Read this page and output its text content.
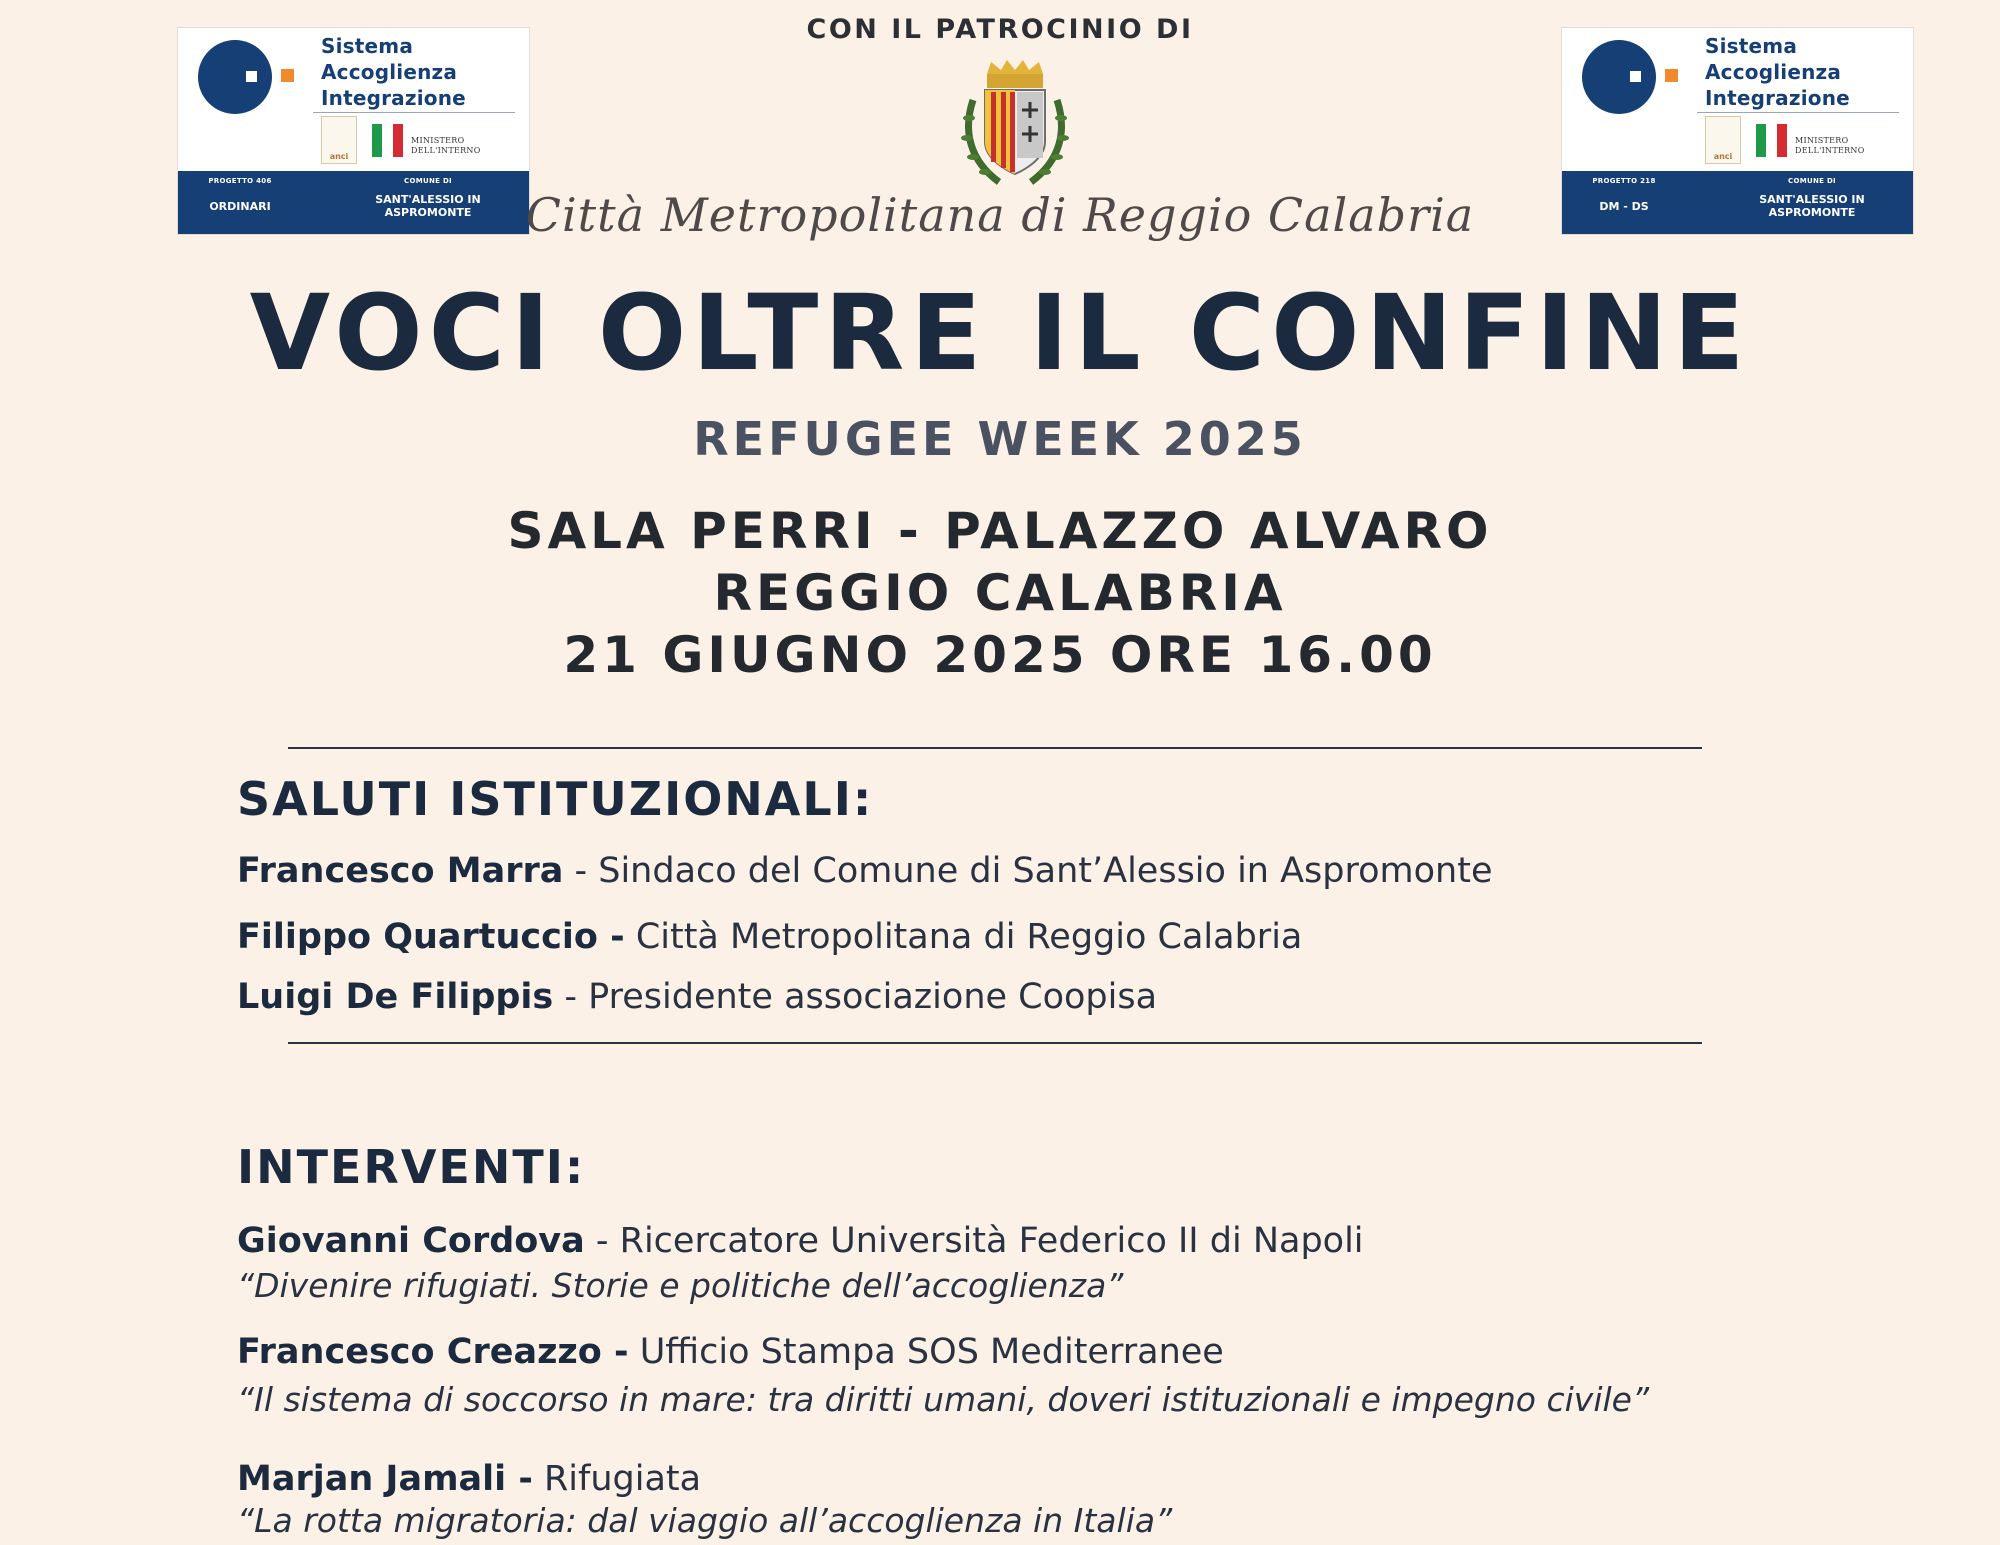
Sistema
Accoglienza
Integrazione
anci
MINISTERO
DELL'INTERNO
PROGETTO 406
ORDINARI
COMUNE DI
SANT'ALESSIO IN
ASPROMONTE
Sistema
Accoglienza
Integrazione
anci
MINISTERO
DELL'INTERNO
PROGETTO 218
DM - DS
COMUNE DI
SANT'ALESSIO IN
ASPROMONTE
CON IL PATROCINIO DI
Città Metropolitana di Reggio Calabria
VOCI OLTRE IL CONFINE
REFUGEE WEEK 2025
SALA PERRI - PALAZZO ALVARO
REGGIO CALABRIA
21 GIUGNO 2025 ORE 16.00
SALUTI ISTITUZIONALI:
Francesco Marra - Sindaco del Comune di Sant’Alessio in Aspromonte
Filippo Quartuccio - Città Metropolitana di Reggio Calabria
Luigi De Filippis - Presidente associazione Coopisa
INTERVENTI:
Giovanni Cordova - Ricercatore Università Federico II di Napoli
“Divenire rifugiati. Storie e politiche dell’accoglienza”
Francesco Creazzo - Ufficio Stampa SOS Mediterranee
“Il sistema di soccorso in mare: tra diritti umani, doveri istituzionali e impegno civile”
Marjan Jamali - Rifugiata
“La rotta migratoria: dal viaggio all’accoglienza in Italia”
